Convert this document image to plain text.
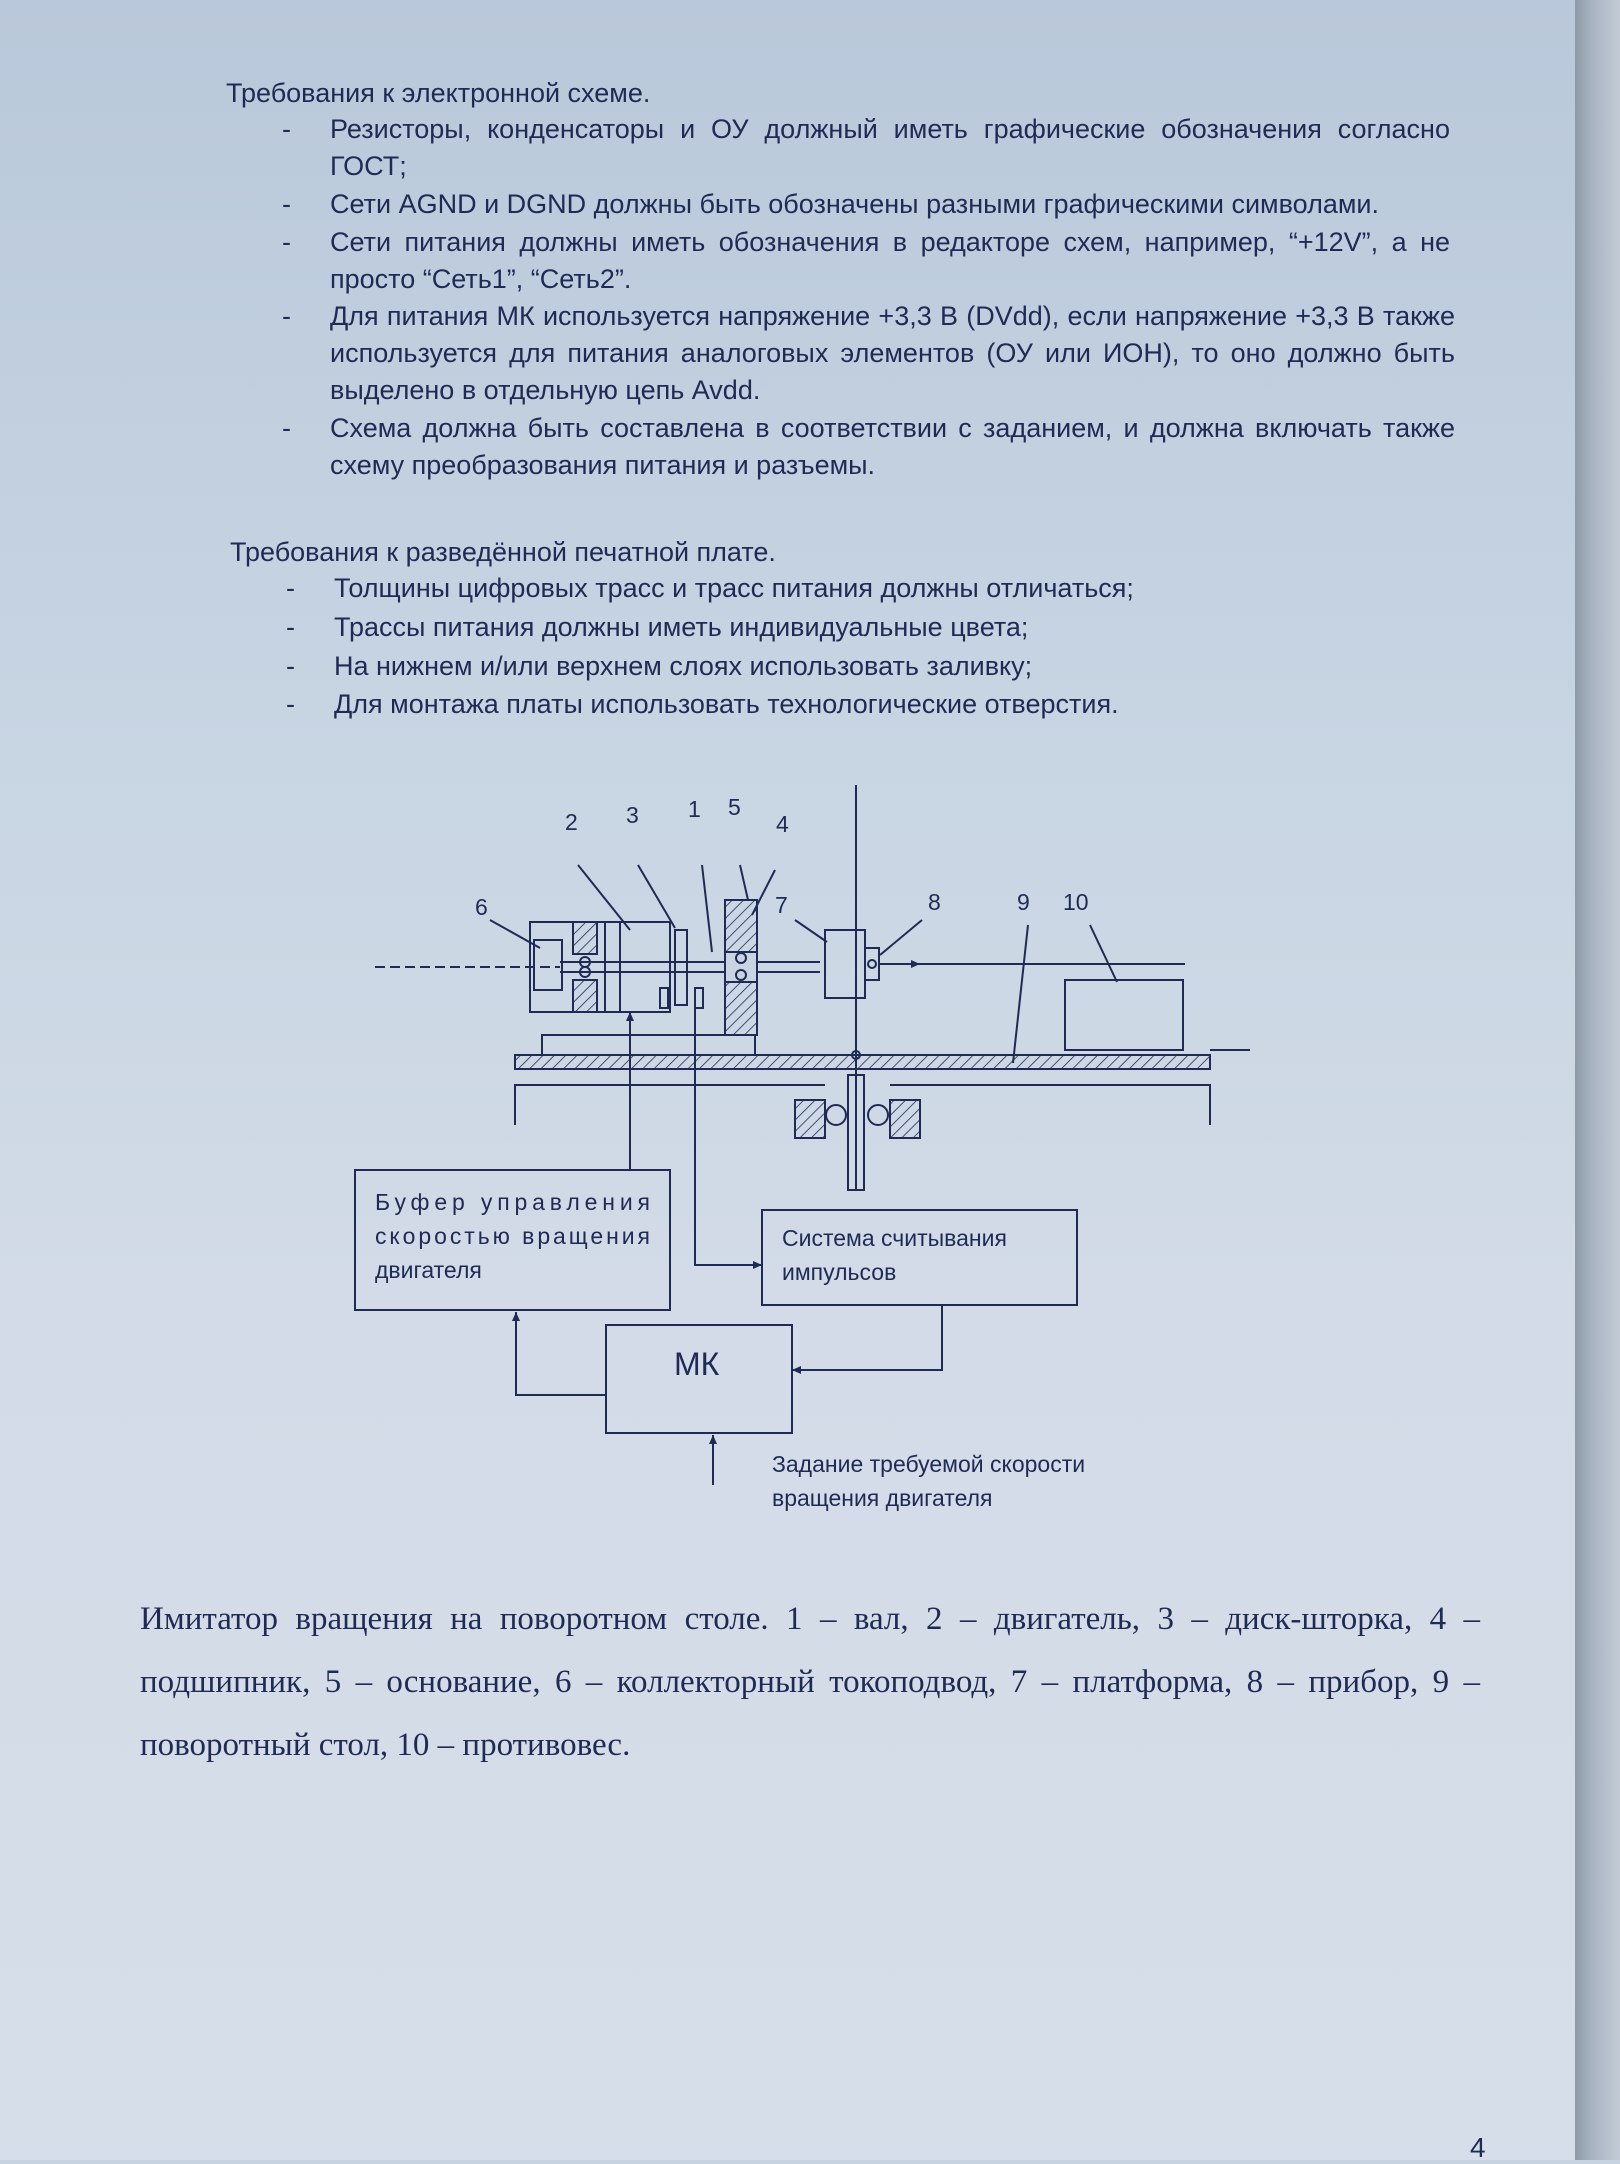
Требования к электронной схеме.
- Резисторы, конденсаторы и ОУ должный иметь графические обозначения согласно ГОСТ;
- Сети AGND и DGND должны быть обозначены разными графическими символами.
- Сети питания должны иметь обозначения в редакторе схем, например, “+12V”, а не просто “Сеть1”, “Сеть2”.
- Для питания МК используется напряжение +3,3 В (DVdd), если напряжение +3,3 В также используется для питания аналоговых элементов (ОУ или ИОН), то оно должно быть выделено в отдельную цепь Avdd.
- Схема должна быть составлена в соответствии с заданием, и должна включать также схему преобразования питания и разъемы.
Требования к разведённой печатной плате.
- Толщины цифровых трасс и трасс питания должны отличаться;
- Трассы питания должны иметь индивидуальные цвета;
- На нижнем и/или верхнем слоях использовать заливку;
- Для монтажа платы использовать технологические отверстия.
2 3 1 5
4
6	7	8	9 10
Буфер управления
скоростью вращения
двигателя
Система считывания
импульсов
МК
Задание требуемой скорости
вращения двигателя
Имитатор вращения на поворотном столе. 1 – вал, 2 – двигатель, 3 – диск-шторка, 4 – подшипник, 5 – основание, 6 – коллекторный токоподвод, 7 – платформа, 8 – прибор, 9 – поворотный стол, 10 – противовес.
4
